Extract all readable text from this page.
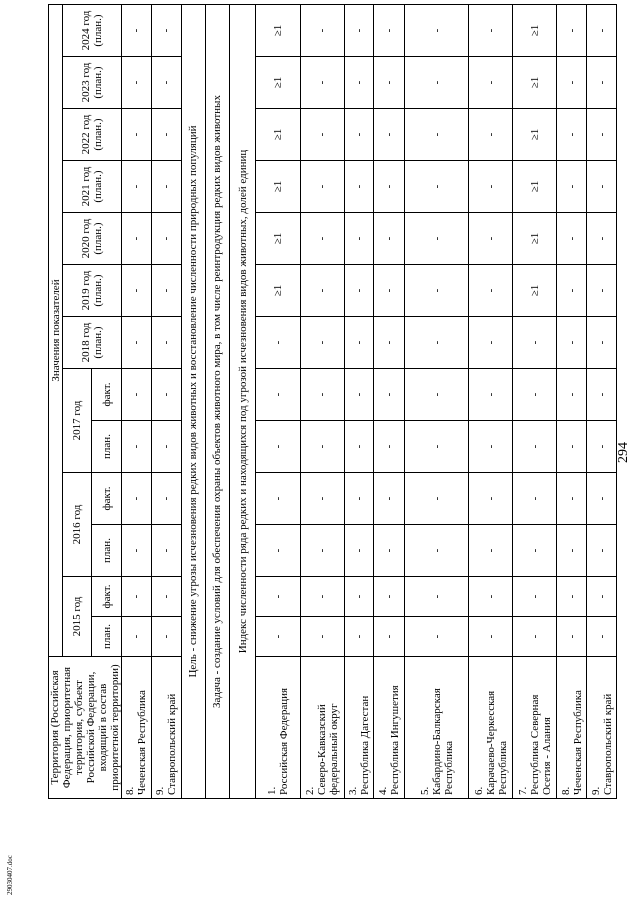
294
29030407.doc
Территория (Российская Федерация, приоритетная территория, субъект Российской Федерации, входящий в состав приоритетной территории)	Значения показателей												
	2015 год		2016 год		2017 год		2018 год (план.)	2019 год (план.)	2020 год (план.)	2021 год (план.)	2022 год (план.)	2023 год (план.)	2024 год (план.)
	план.	факт.	план.	факт.	план.	факт.							
8.Чеченская Республика	-	-	-	-	-	-	-	-	-	-	-	-	-
9.Ставропольский край	-	-	-	-	-	-	-	-	-	-	-	-	-
Цель - снижение угрозы исчезновения редких видов животных и восстановление численности природных популяций													
Задача - создание условий для обеспечения охраны объектов животного мира, в том числе реинтродукция редких видов животных													
Индекс численности ряда редких и находящихся под угрозой исчезновения видов животных, долей единиц													
1.Российская Федерация	-	-	-	-	-	-	-	≥1	≥1	≥1	≥1	≥1	≥1
2.Северо-Кавказский федеральный округ	-	-	-	-	-	-	-	-	-	-	-	-	-
3.Республика Дагестан	-	-	-	-	-	-	-	-	-	-	-	-	-
4.Республика Ингушетия	-	-	-	-	-	-	-	-	-	-	-	-	-
5.Кабардино-Балкарская Республика	-	-	-	-	-	-	-	-	-	-	-	-	-
6.Карачаево-Черкесская Республика	-	-	-	-	-	-	-	-	-	-	-	-	-
7.Республика Северная Осетия - Алания	-	-	-	-	-	-	-	≥1	≥1	≥1	≥1	≥1	≥1
8.Чеченская Республика	-	-	-	-	-	-	-	-	-	-	-	-	-
9.Ставропольский край	-	-	-	-	-	-	-	-	-	-	-	-	-
